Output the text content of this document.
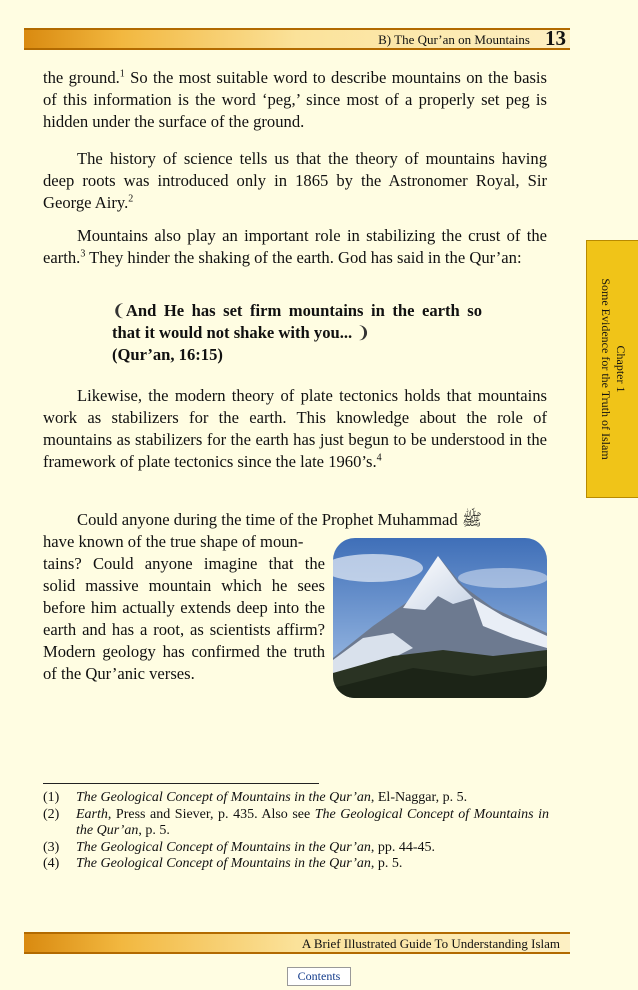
B) The Qur’an on Mountains 13
Chapter 1
Some Evidence for the Truth of Islam

the ground.$^1$ So the most suitable word to describe mountains on the basis of this information is the word ‘peg,’ since most of a properly set peg is hidden under the surface of the ground.

The history of science tells us that the theory of mountains having deep roots was introduced only in 1865 by the Astronomer Royal, Sir George Airy.$^2$

Mountains also play an important role in stabilizing the crust of the earth.$^3$ They hinder the shaking of the earth. God has said in the Qur’an:

❨And He has set firm mountains in the earth so that it would not shake with you... ❩
(Qur’an, 16:15)

Likewise, the modern theory of plate tectonics holds that mountains work as stabilizers for the earth. This knowledge about the role of mountains as stabilizers for the earth has just begun to be understood in the framework of plate tectonics since the late 1960’s.$^4$

Could anyone during the time of the Prophet Muhammad ﷺ

have known of the true shape of moun-
tains? Could anyone imagine that the solid massive mountain which he sees before him actually extends deep into the earth and has a root, as scientists affirm? Modern geology has confirmed the truth of the Qur’anic verses.
(1)	The Geological Concept of Mountains in the Qur’an, El-Naggar, p. 5.
(2)	Earth, Press and Siever, p. 435. Also see The Geological Concept of Mountains in the Qur’an, p. 5.
(3)	The Geological Concept of Mountains in the Qur’an, pp. 44-45.
(4)	The Geological Concept of Mountains in the Qur’an, p. 5.
A Brief Illustrated Guide To Understanding Islam
Contents
